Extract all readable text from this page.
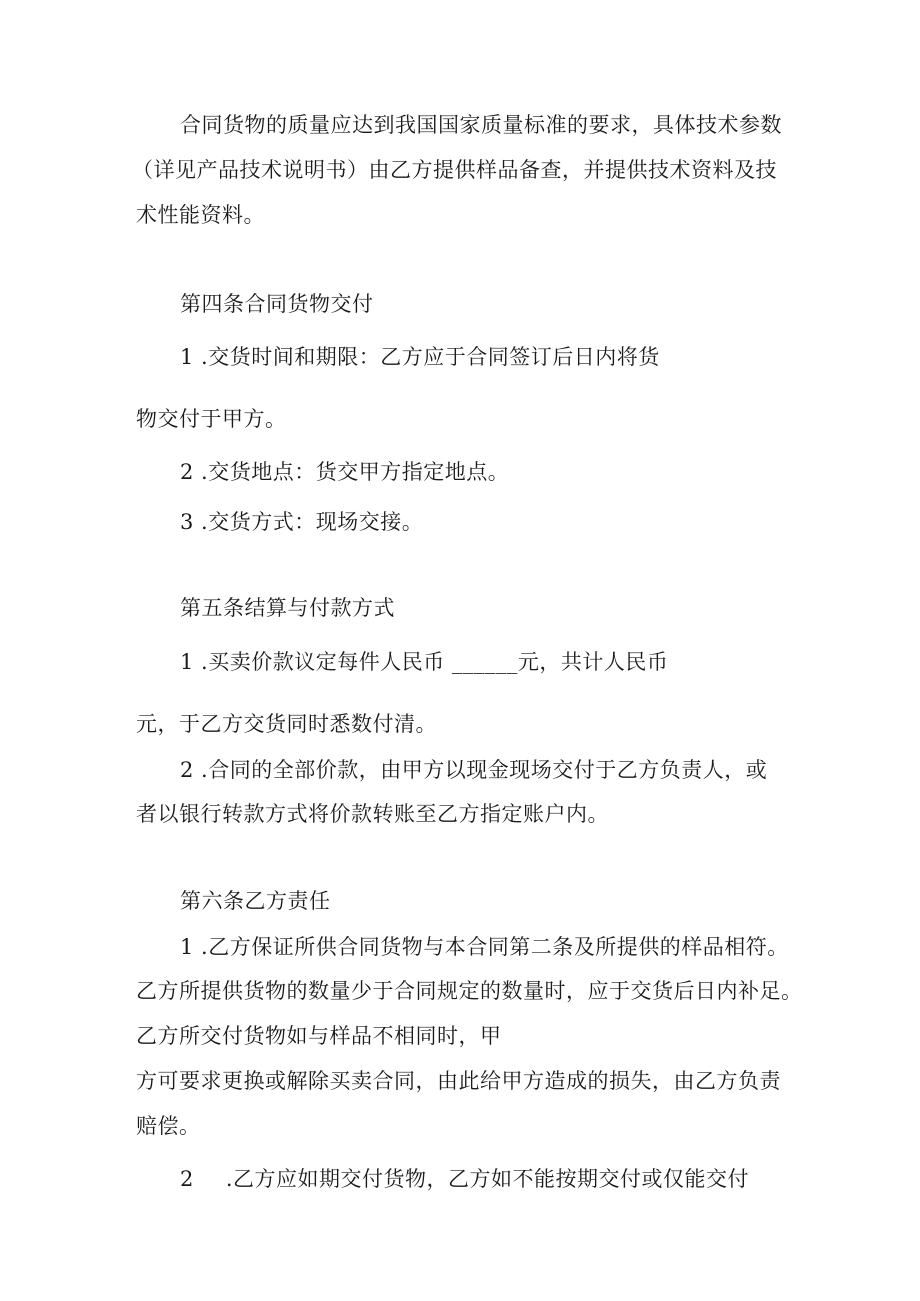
合同货物的质量应达到我国国家质量标准的要求，具体技术参数
（详见产品技术说明书）由乙方提供样品备查，并提供技术资料及技
术性能资料。
第四条合同货物交付
1 .交货时间和期限：乙方应于合同签订后日内将货
物交付于甲方。
2 .交货地点：货交甲方指定地点。
3 .交货方式：现场交接。
第五条结算与付款方式
1 .买卖价款议定每件人民币 ______元，共计人民币
元，于乙方交货同时悉数付清。
2 .合同的全部价款，由甲方以现金现场交付于乙方负责人，或
者以银行转款方式将价款转账至乙方指定账户内。
第六条乙方责任
1 .乙方保证所供合同货物与本合同第二条及所提供的样品相符。
乙方所提供货物的数量少于合同规定的数量时，应于交货后日内补足。
乙方所交付货物如与样品不相同时，甲
方可要求更换或解除买卖合同，由此给甲方造成的损失，由乙方负责
赔偿。
2 .乙方应如期交付货物，乙方如不能按期交付或仅能交付
